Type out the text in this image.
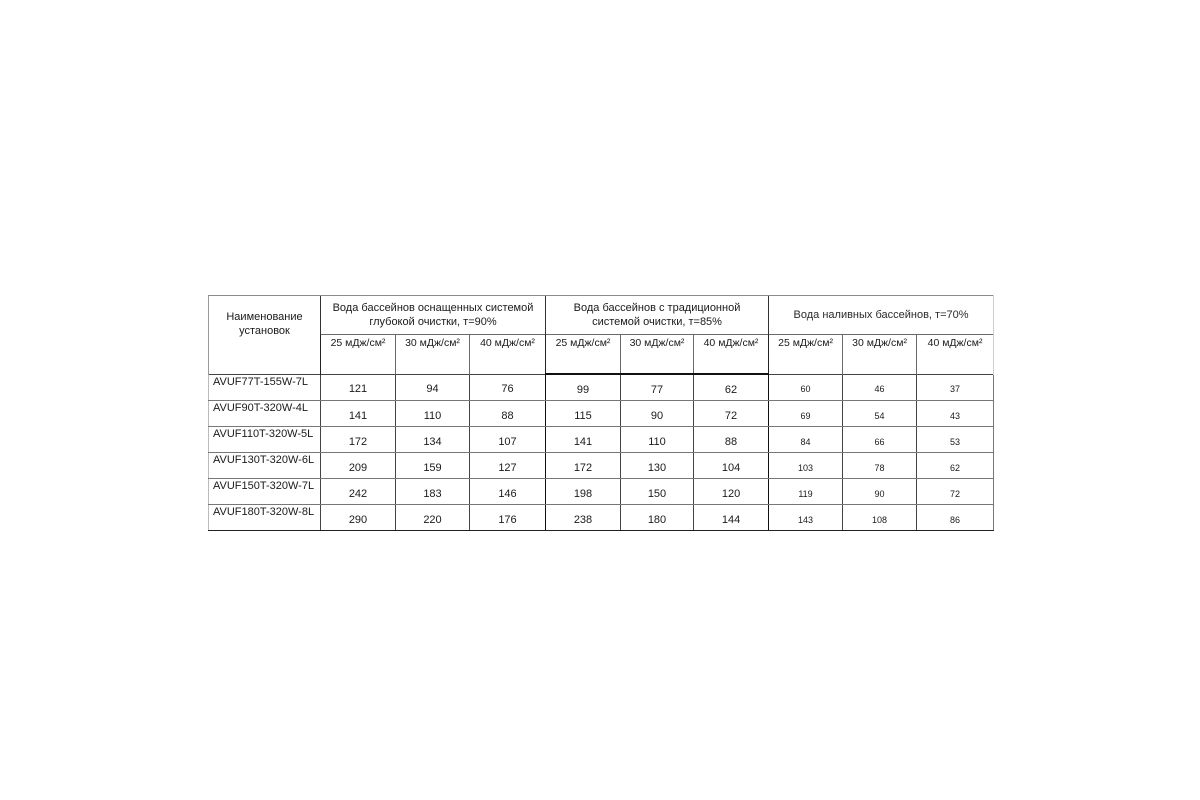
Наименование установок	Вода бассейнов оснащенных системой глубокой очистки, т=90%			Вода бассейнов с традиционной системой очистки, т=85%			Вода наливных бассейнов, т=70%		
	25 мДж/см²	30 мДж/см²	40 мДж/см²	25 мДж/см²	30 мДж/см²	40 мДж/см²	25 мДж/см²	30 мДж/см²	40 мДж/см²
AVUF77T-155W-7L	121	94	76	99	77	62	60	46	37
AVUF90T-320W-4L	141	110	88	115	90	72	69	54	43
AVUF110T-320W-5L	172	134	107	141	110	88	84	66	53
AVUF130T-320W-6L	209	159	127	172	130	104	103	78	62
AVUF150T-320W-7L	242	183	146	198	150	120	119	90	72
AVUF180T-320W-8L	290	220	176	238	180	144	143	108	86
